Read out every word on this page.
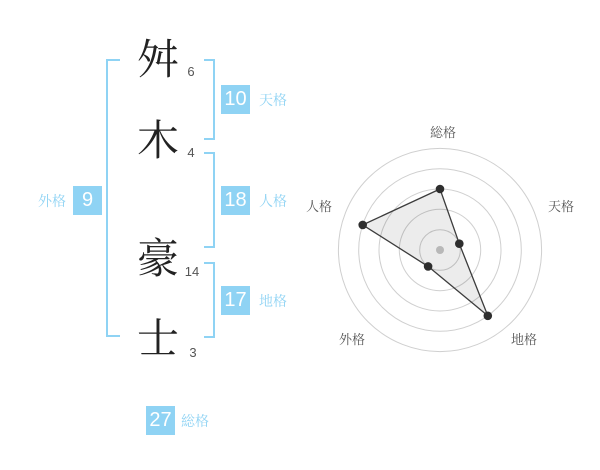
舛
木
豪
士
6
4
14
3
10 天格
18 人格
17 地格
外格 9
27 総格
総格
天格
地格
外格
人格
